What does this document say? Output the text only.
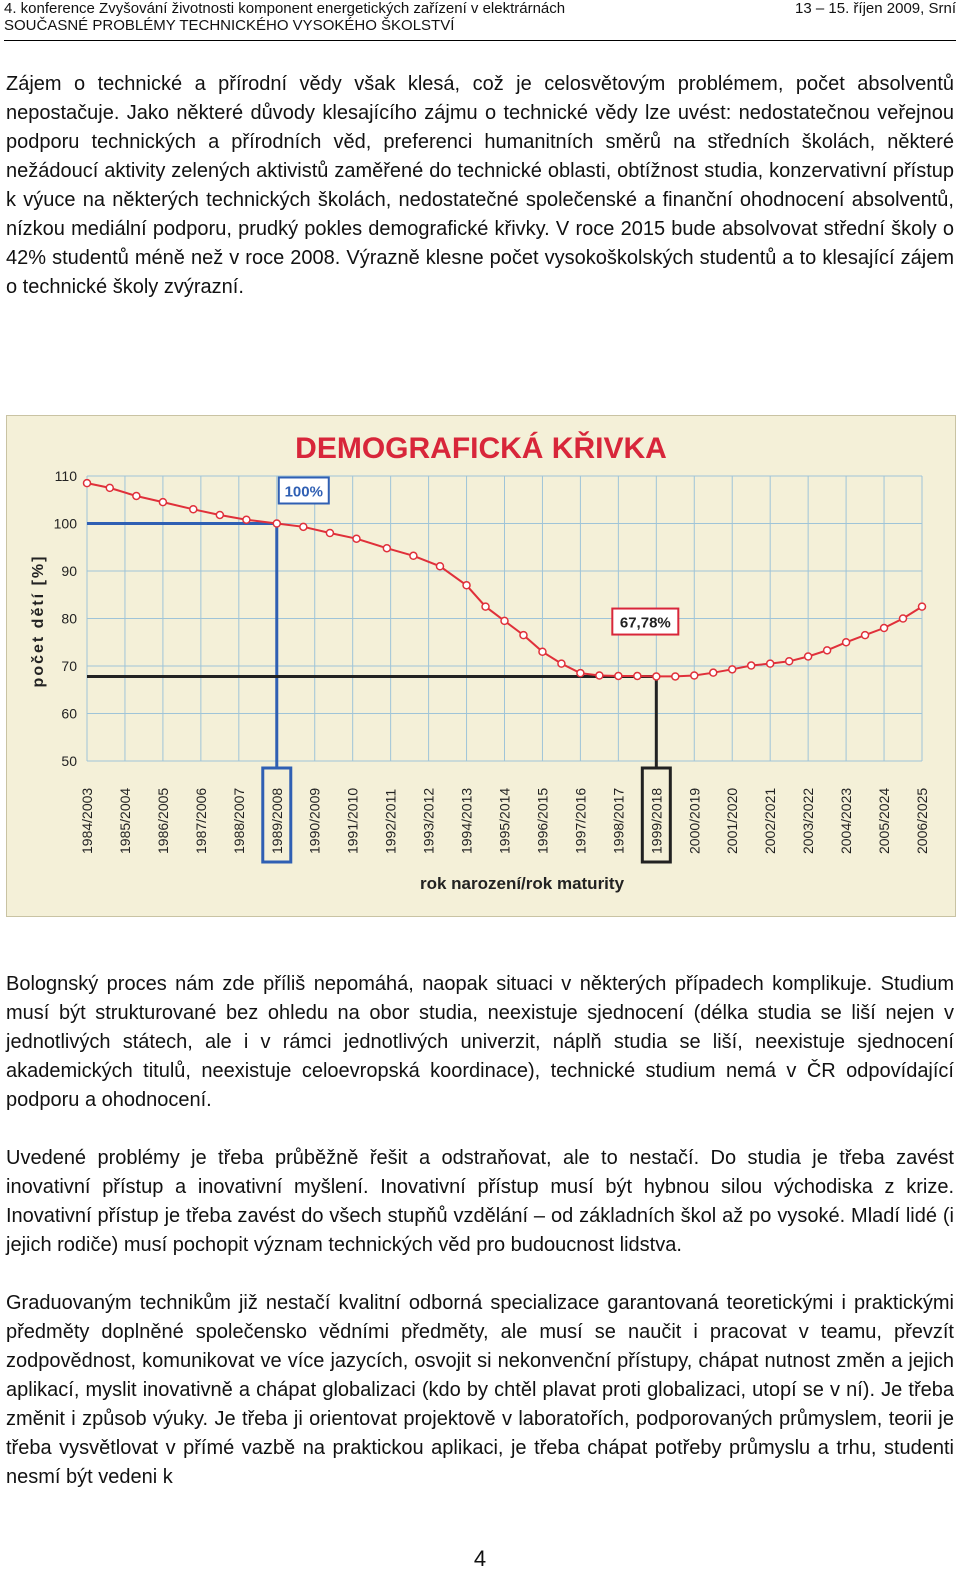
4. konference Zvyšování životnosti komponent energetických zařízení v elektrárnách
SOUČASNÉ PROBLÉMY TECHNICKÉHO VYSOKÉHO ŠKOLSTVÍ
13 – 15. říjen 2009, Srní

Zájem o technické a přírodní vědy však klesá, což je celosvětovým problémem, počet absolventů nepostačuje. Jako některé důvody klesajícího zájmu o technické vědy lze uvést: nedostatečnou veřejnou podporu technických a přírodních věd, preferenci humanitních směrů na středních školách, některé nežádoucí aktivity zelených aktivistů zaměřené do technické oblasti, obtížnost studia, konzervativní přístup k výuce na některých technických školách, nedostatečné společenské a finanční ohodnocení absolventů, nízkou mediální podporu, prudký pokles demografické křivky. V roce 2015 bude absolvovat střední školy o 42% studentů méně než v roce 2008. Výrazně klesne počet vysokoškolských studentů a to klesající zájem o technické školy zvýrazní.

DEMOGRAFICKÁ KŘIVKA
50
60
70
80
90
100
110
1984/2003 1985/2004 1986/2005 1987/2006 1988/2007 1989/2008 1990/2009 1991/2010 1992/2011 1993/2012 1994/2013 1995/2014 1996/2015 1997/2016 1998/2017 1999/2018 2000/2019 2001/2020 2002/2021 2003/2022 2004/2023 2005/2024 2006/2025
počet dětí [%]
rok narození/rok maturity
100%
67,78%

Bolognský proces nám zde příliš nepomáhá, naopak situaci v některých případech komplikuje. Studium musí být strukturované bez ohledu na obor studia, neexistuje sjednocení (délka studia se liší nejen v jednotlivých státech, ale i v rámci jednotlivých univerzit, náplň studia se liší, neexistuje sjednocení akademických titulů, neexistuje celoevropská koordinace), technické studium nemá v ČR odpovídající podporu a ohodnocení.

Uvedené problémy je třeba průběžně řešit a odstraňovat, ale to nestačí. Do studia je třeba zavést inovativní přístup a inovativní myšlení. Inovativní přístup musí být hybnou silou východiska z krize. Inovativní přístup je třeba zavést do všech stupňů vzdělání – od základních škol až po vysoké. Mladí lidé (i jejich rodiče) musí pochopit význam technických věd pro budoucnost lidstva.

Graduovaným technikům již nestačí kvalitní odborná specializace garantovaná teoretickými i praktickými předměty doplněné společensko vědními předměty, ale musí se naučit i pracovat v teamu, převzít zodpovědnost, komunikovat ve více jazycích, osvojit si nekonvenční přístupy, chápat nutnost změn a jejich aplikací, myslit inovativně a chápat globalizaci (kdo by chtěl plavat proti globalizaci, utopí se v ní). Je třeba změnit i způsob výuky. Je třeba ji orientovat projektově v laboratořích, podporovaných průmyslem, teorii je třeba vysvětlovat v přímé vazbě na praktickou aplikaci, je třeba chápat potřeby průmyslu a trhu, studenti nesmí být vedeni k

4
